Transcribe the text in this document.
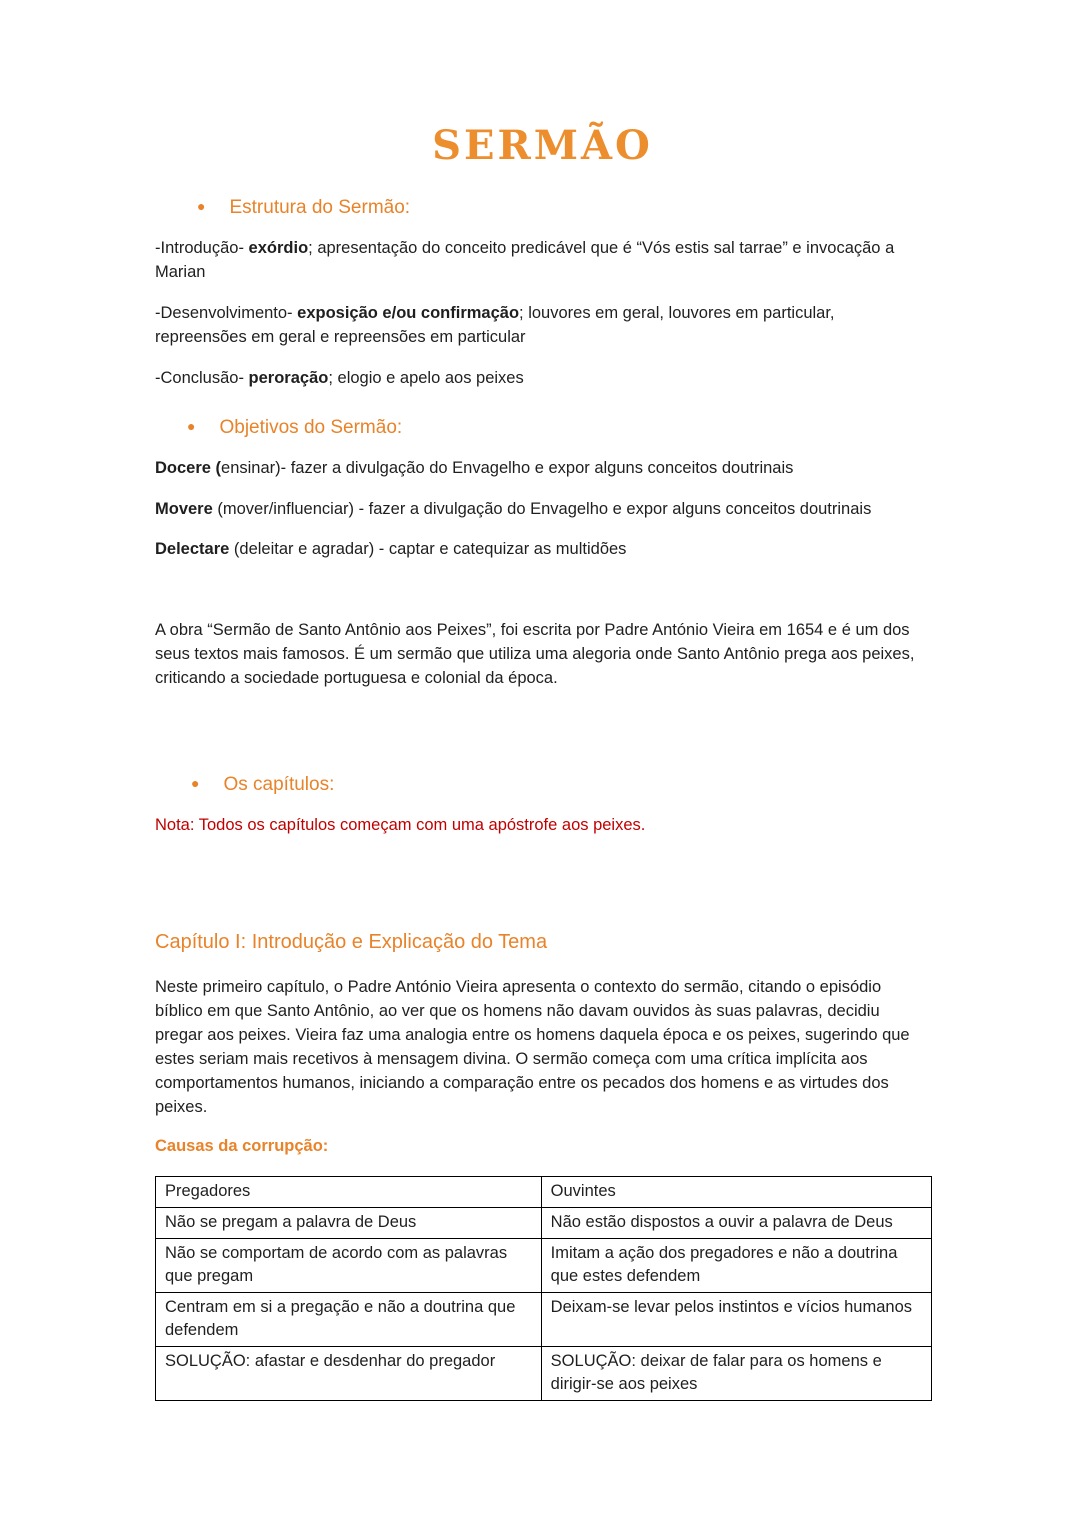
SERMÃO
● Estrutura do Sermão:

-Introdução- exórdio; apresentação do conceito predicável que é “Vós estis sal tarrae” e invocação a Marian

-Desenvolvimento- exposição e/ou confirmação; louvores em geral, louvores em particular, repreensões em geral e repreensões em particular

-Conclusão- peroração; elogio e apelo aos peixes

● Objetivos do Sermão:

Docere (ensinar)- fazer a divulgação do Envagelho e expor alguns conceitos doutrinais

Movere (mover/influenciar) - fazer a divulgação do Envagelho e expor alguns conceitos doutrinais

Delectare (deleitar e agradar) - captar e catequizar as multidões

A obra “Sermão de Santo Antônio aos Peixes”, foi escrita por Padre António Vieira em 1654 e é um dos seus textos mais famosos. É um sermão que utiliza uma alegoria onde Santo Antônio prega aos peixes, criticando a sociedade portuguesa e colonial da época.

● Os capítulos:

Nota: Todos os capítulos começam com uma apóstrofe aos peixes.

Capítulo I: Introdução e Explicação do Tema

Neste primeiro capítulo, o Padre António Vieira apresenta o contexto do sermão, citando o episódio bíblico em que Santo Antônio, ao ver que os homens não davam ouvidos às suas palavras, decidiu pregar aos peixes. Vieira faz uma analogia entre os homens daquela época e os peixes, sugerindo que estes seriam mais recetivos à mensagem divina. O sermão começa com uma crítica implícita aos comportamentos humanos, iniciando a comparação entre os pecados dos homens e as virtudes dos peixes.

Causas da corrupção:
Pregadores	Ouvintes
Não se pregam a palavra de Deus	Não estão dispostos a ouvir a palavra de Deus
Não se comportam de acordo com as palavras que pregam	Imitam a ação dos pregadores e não a doutrina que estes defendem
Centram em si a pregação e não a doutrina que defendem	Deixam-se levar pelos instintos e vícios humanos
SOLUÇÃO: afastar e desdenhar do pregador	SOLUÇÃO: deixar de falar para os homens e dirigir-se aos peixes
